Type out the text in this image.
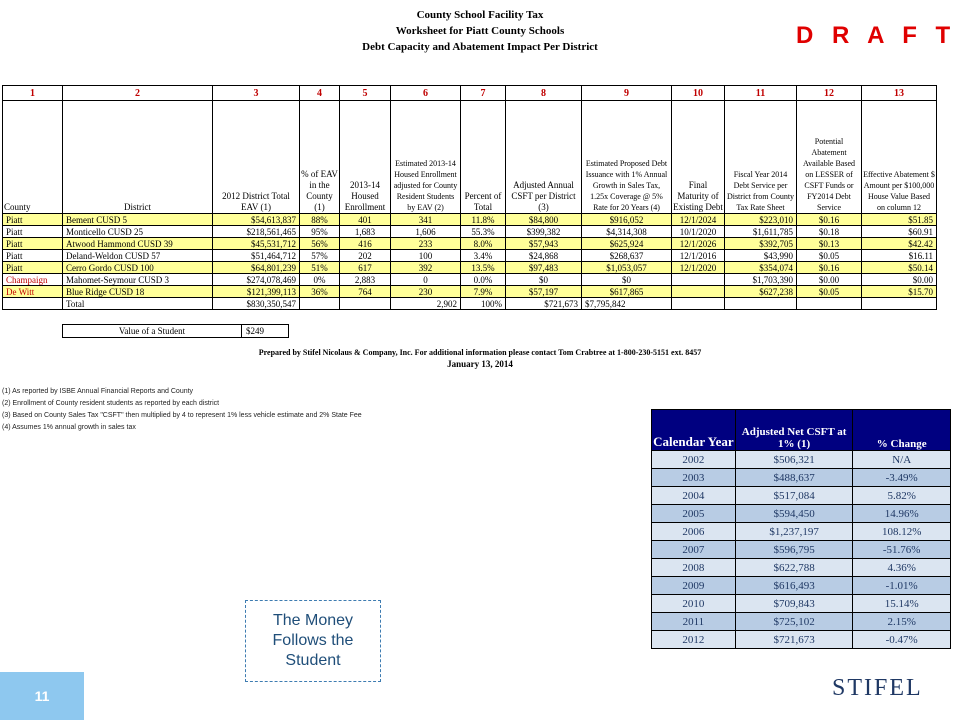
County School Facility Tax
Worksheet for Piatt County Schools
Debt Capacity and Abatement Impact Per District	D R A F T
1	2	3	4	5	6	7	8	9	10	11	12	13
County	District	2012 District Total EAV (1)	% of EAV in the County (1)	2013-14 Housed Enrollment	Estimated 2013-14 Housed Enrollment adjusted for County Resident Students by EAV (2)	Percent of Total	Adjusted Annual CSFT per District (3)	Estimated Proposed Debt Issuance with 1% Annual Growth in Sales Tax, 1.25x Coverage @ 5% Rate for 20 Years (4)	Final Maturity of Existing Debt	Fiscal Year 2014 Debt Service per District from County Tax Rate Sheet	Potential Abatement Available Based on LESSER of CSFT Funds or FY2014 Debt Service	Effective Abatement $ Amount per $100,000 House Value Based on column 12
Piatt	Bement CUSD 5	$54,613,837	88%	401	341	11.8%	$84,800	$916,052	12/1/2024	$223,010	$0.16	$51.85
Piatt	Monticello CUSD 25	$218,561,465	95%	1,683	1,606	55.3%	$399,382	$4,314,308	10/1/2020	$1,611,785	$0.18	$60.91
Piatt	Atwood Hammond CUSD 39	$45,531,712	56%	416	233	8.0%	$57,943	$625,924	12/1/2026	$392,705	$0.13	$42.42
Piatt	Deland-Weldon CUSD 57	$51,464,712	57%	202	100	3.4%	$24,868	$268,637	12/1/2016	$43,990	$0.05	$16.11
Piatt	Cerro Gordo CUSD 100	$64,801,239	51%	617	392	13.5%	$97,483	$1,053,057	12/1/2020	$354,074	$0.16	$50.14
Champaign	Mahomet-Seymour CUSD 3	$274,078,469	0%	2,883	0	0.0%	$0	$0		$1,703,390	$0.00	$0.00
De Witt	Blue Ridge CUSD 18	$121,399,113	36%	764	230	7.9%	$57,197	$617,865		$627,238	$0.05	$15.70
	Total	$830,350,547			2,902	100%	$721,673	$7,795,842				
Value of a Student	$249
Prepared by Stifel Nicolaus & Company, Inc. For additional information please contact Tom Crabtree at 1-800-230-5151 ext. 8457
January 13, 2014
(1) As reported by ISBE Annual Financial Reports and County
(2) Enrollment of County resident students as reported by each district
(3) Based on County Sales Tax "CSFT" then multiplied by 4 to represent 1% less vehicle estimate and 2% State Fee
(4) Assumes 1% annual growth in sales tax
Calendar Year	Adjusted Net CSFT at 1% (1)	% Change
2002	$506,321	N/A
2003	$488,637	-3.49%
2004	$517,084	5.82%
2005	$594,450	14.96%
2006	$1,237,197	108.12%
2007	$596,795	-51.76%
2008	$622,788	4.36%
2009	$616,493	-1.01%
2010	$709,843	15.14%
2011	$725,102	2.15%
2012	$721,673	-0.47%
The Money
Follows the
Student
11	STIFEL
